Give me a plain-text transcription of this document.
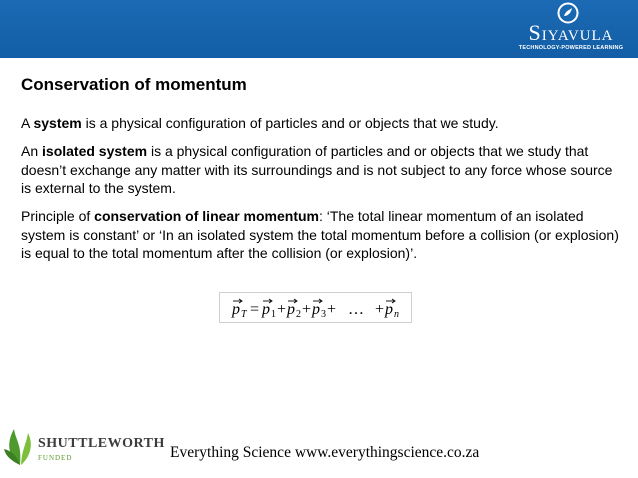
Siyavula
TECHNOLOGY-POWERED LEARNING
Conservation of momentum

A system is a physical configuration of particles and or objects that we study.

An isolated system is a physical configuration of particles and or objects that we study that doesn’t exchange any matter with its surroundings and is not subject to any force whose source is external to the system.

Principle of conservation of linear momentum: ‘The total linear momentum of an isolated system is constant’ or ‘In an isolated system the total momentum before a collision (or explosion) is equal to the total momentum after the collision (or explosion)’.

p T = p 1 + p 2 + p 3 + … + p n
SHUTTLEWORTH
FUNDED	Everything Science www.everythingscience.co.za
